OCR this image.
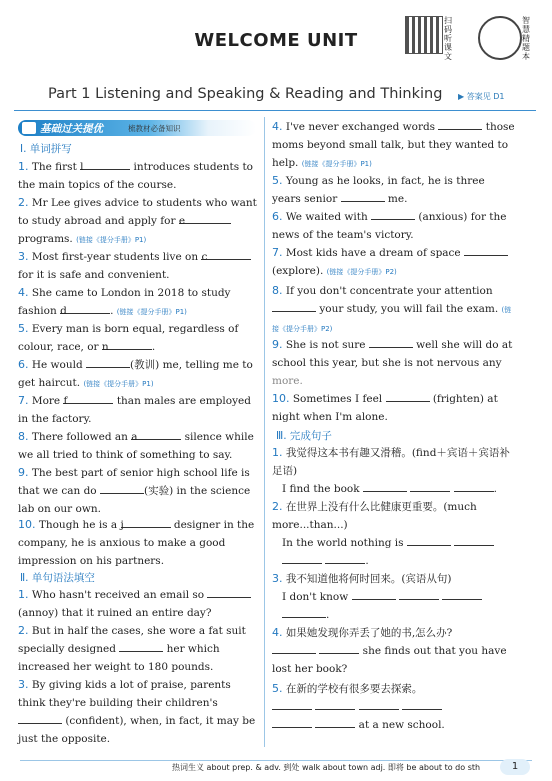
WELCOME UNIT
扫码听课文
智慧精题本
Part 1 Listening and Speaking & Reading and Thinking ▶ 答案见 D1
基础过关提优	梳教材必备知识
Ⅰ. 单词拼写
1. The first l	introduces students to the main topics of the course.
2. Mr Lee gives advice to students who want to study abroad and apply for e programs. (链接《提分手册》P1)
3. Most first-year students live on c for it is safe and convenient.
4. She came to London in 2018 to study fashion d	. (链接《提分手册》P1)
5. Every man is born equal, regardless of colour, race, or n	.
6. He would	(教训) me, telling me to get haircut. (链接《提分手册》P1)
7. More f	than males are employed in the factory.
8. There followed an a	silence while we all tried to think of something to say.
9. The best part of senior high school life is that we can do	(实验) in the science lab on our own.
10. Though he is a j	designer in the company, he is anxious to make a good impression on his partners.
Ⅱ. 单句语法填空
1. Who hasn't received an email so  (annoy) that it ruined an entire day?
2. But in half the cases, she wore a fat suit specially designed	her which increased her weight to 180 pounds.
3. By giving kids a lot of praise, parents think they're building their children's  (confident), when, in fact, it may be just the opposite.
4. I've never exchanged words	those moms beyond small talk, but they wanted to help. (链接《提分手册》P1)
5. Young as he looks, in fact, he is three years senior	me.
6. We waited with	(anxious) for the news of the team's victory.
7. Most kids have a dream of space  (explore). (链接《提分手册》P2)
8. If you don't concentrate your attention  your study, you will fail the exam. (链接《提分手册》P2)
9. She is not sure	well she will do at school this year, but she is not nervous any more.
10. Sometimes I feel	(frighten) at night when I'm alone.
Ⅲ. 完成句子
1. 我觉得这本书有趣又滑稽。(find＋宾语＋宾语补足语)
I find the book	.
2. 在世界上没有什么比健康更重要。(much more...than...)
In the world nothing is
.
3. 我不知道他将何时回来。(宾语从句)
I don't know
.
4. 如果她发现你弄丢了她的书,怎么办?
she finds out that you have lost her book?
5. 在新的学校有很多要去探索。

at a new school.
热词生义 about prep. & adv. 到处 walk about town adj. 即将 be about to do sth	1
